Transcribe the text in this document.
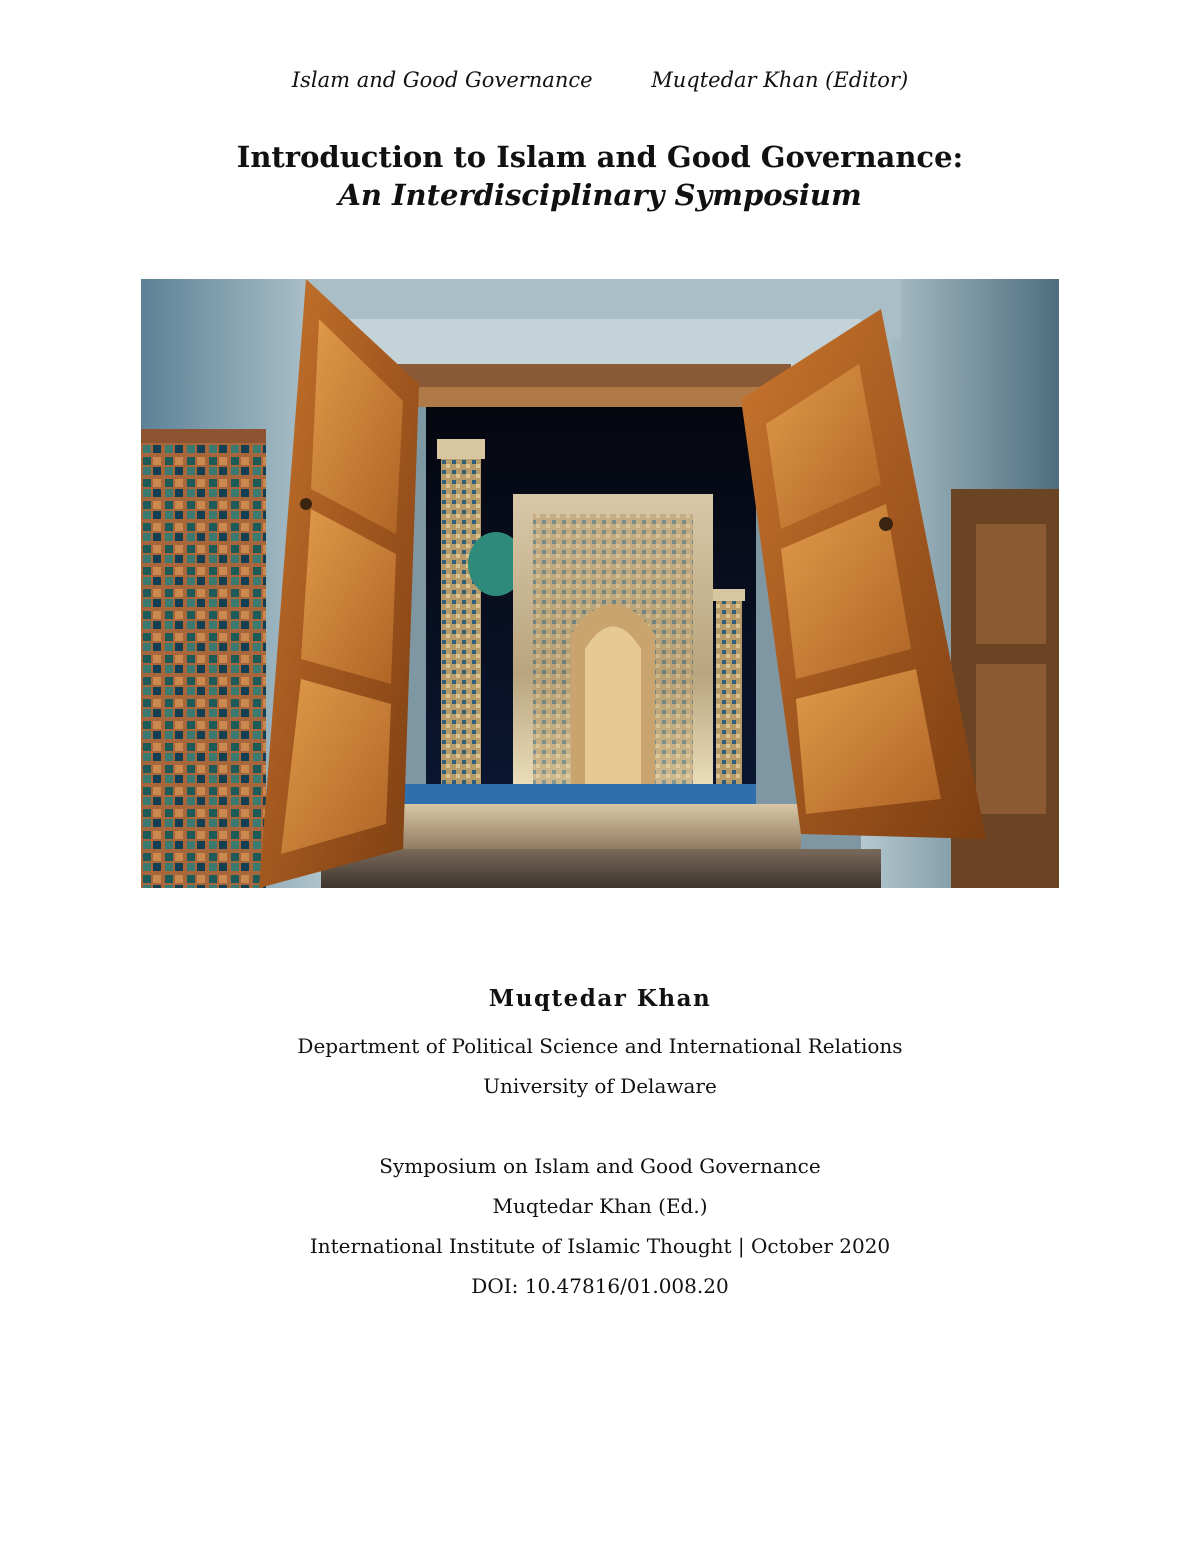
Islam and Good Governance	Muqtedar Khan (Editor)
Introduction to Islam and Good Governance:
An Interdisciplinary Symposium
Muqtedar Khan
Department of Political Science and International Relations
University of Delaware
Symposium on Islam and Good Governance
Muqtedar Khan (Ed.)
International Institute of Islamic Thought | October 2020
DOI: 10.47816/01.008.20
